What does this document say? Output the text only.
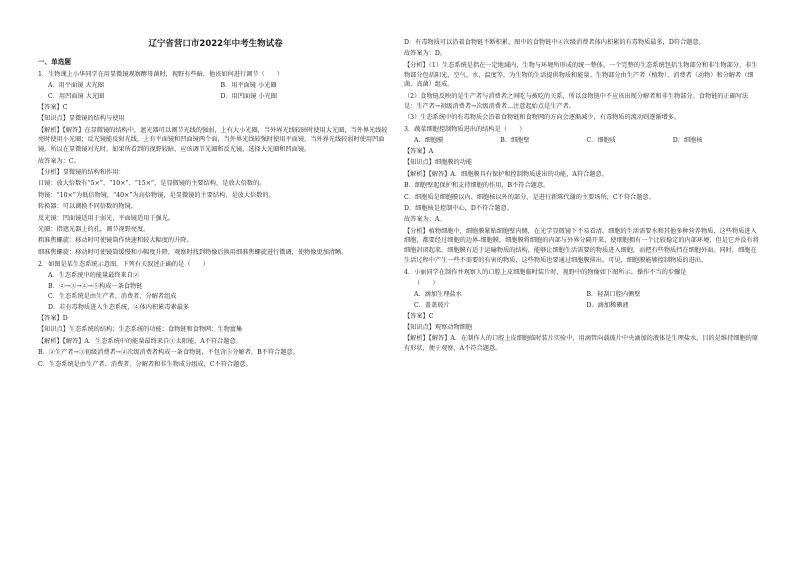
辽宁省营口市2022年中考生物试卷
一、单选题

1．生物课上小华同学在用显微镜观察酵母菌时，视野有些暗，他该如何进行调节（　　）

A．用平面镜 大光圈	B．用平面镜 小光圈
C．用凹面镜 大光圈	D．用凹面镜 小光圈

【答案】C

【知识点】显微镜的结构与使用

【解析】【解答】在显微镜的结构中，遮光器可以调节光线的强弱，上有大小光圈，当外界光线较暗时使用大光圈，当外界光线较亮时使用小光圈；反光镜能反射光线，上有平面镜和凹面镜两个面，当外界光线较强时使用平面镜，当外界光线较弱时使用凹面镜。所以在显微镜对光时，如果所看到的视野较暗，应该调节光圈和反光镜，选择大光圈和凹面镜。

故答案为：C。

【分析】显微镜的结构和作用：

目镜：放大倍数有“5×”、“10×”、“15×”，是显微镜的主要结构，是放大倍数的。

物镜：“10×”为低倍物镜，“40×”为高倍物镜，是显微镜的主要结构，是放大倍数的。

转换器：可以调换不同倍数的物镜。

反光镜：凹面镜适用于弱光，平面镜适用于强光。

光圈：指遮光器上的孔，调节视野亮度。

粗准焦螺旋：移动时可使镜筒作快速和较大幅度的升降。

细准焦螺旋：移动时可使镜筒缓慢和小幅度升降，观察时找到物像后换用细准焦螺旋进行微调，使物像更加清晰。

2．如图是某生态系统示意图，下列有关叙述正确的是（　　）

A．生态系统中的能量最终来自②

B．②→③→④→⑤构成一条食物链

C．生态系统是由生产者、消费者、分解者组成

D．若有毒物质进入生态系统，④体内积累毒素最多

【答案】D

【知识点】生态系统的结构；生态系统的功能；食物链和食物网；生物富集

【解析】【解答】A．生态系统中的能量最终来自①太阳能，A不符合题意。

B．②生产者→③初级消费者→④次级消费者构成一条食物链，不包含⑤分解者，B不符合题意。

C．生态系统是由生产者、消费者、分解者和非生物成分组成，C不符合题意。

D．有毒物质可以沿着食物链不断积累，图中的食物链中④次级消费者体内积累的有毒物质最多，D符合题意。

故答案为：D。

【分析】（1）生态系统是指在一定地域内，生物与环境所形成的统一整体。一个完整的生态系统包括生物部分和非生物部分，非生物部分包括阳光、空气、水、温度等，为生物的生活提供物质和能量。生物部分由生产者（植物）、消费者（动物）和分解者（细菌、真菌）组成。

（2）食物链反映的是生产者与消费者之间吃与被吃的关系，所以食物链中不应该出现分解者和非生物部分。食物链的正确写法是：生产者→初级消费者→次级消费者...注意起始点是生产者。

（3）生态系统中的有毒物质会沿着食物链和食物网的方向会逐渐减少，有毒物质的流动则逐渐增多。

3．蔬菜细胞控制物质进出的结构是（　　）

A．细胞膜	B．细胞壁	C．细胞质	D．细胞核

【答案】A

【知识点】细胞膜的功能

【解析】【解答】A．细胞膜具有保护和控制物质进出的功能，A符合题意。

B．细胞壁起保护和支持细胞的作用，B不符合题意。

C．细胞质是细胞膜以内、细胞核以外的部分，是进行新陈代谢的主要场所，C不符合题意。

D．细胞核是控制中心，D不符合题意。

故答案为：A。

【分析】植物细胞中，细胞膜紧贴细胞壁内侧，在光学显微镜下不易看清。细胞的生活需要水和其他多种营养物质，这些物质进入细胞，都要经过细胞的边界-细胞膜。细胞膜将细胞的内部与外界分隔开来，使细胞拥有一个比较稳定的内部环境，但是它并没有将细胞封闭起来。细胞膜有适于运输物质的结构，能够让细胞生活需要的物质进入细胞，而把有些物质挡在细胞外面。同时，细胞在生活过程中产生一些不需要的有害的物质，这些物质也要通过细胞膜排出。可见，细胞膜能够控制物质的进出。

4．小丽同学在制作并观察人的口腔上皮细胞临时装片时，视野中的物像如下图所示。操作不当的步骤是

（　　）

A．滴加生理盐水	B．轻刮口腔内侧壁
C．盖盖玻片	D．滴加稀碘液

【答案】C

【知识点】观察动物细胞

【解析】【解答】A．在制作人的口腔上皮细胞临时装片实验中，用滴管向载玻片中央滴加的液体是生理盐水，目的是维持细胞的原有形状，便于观察，A不符合题意。
